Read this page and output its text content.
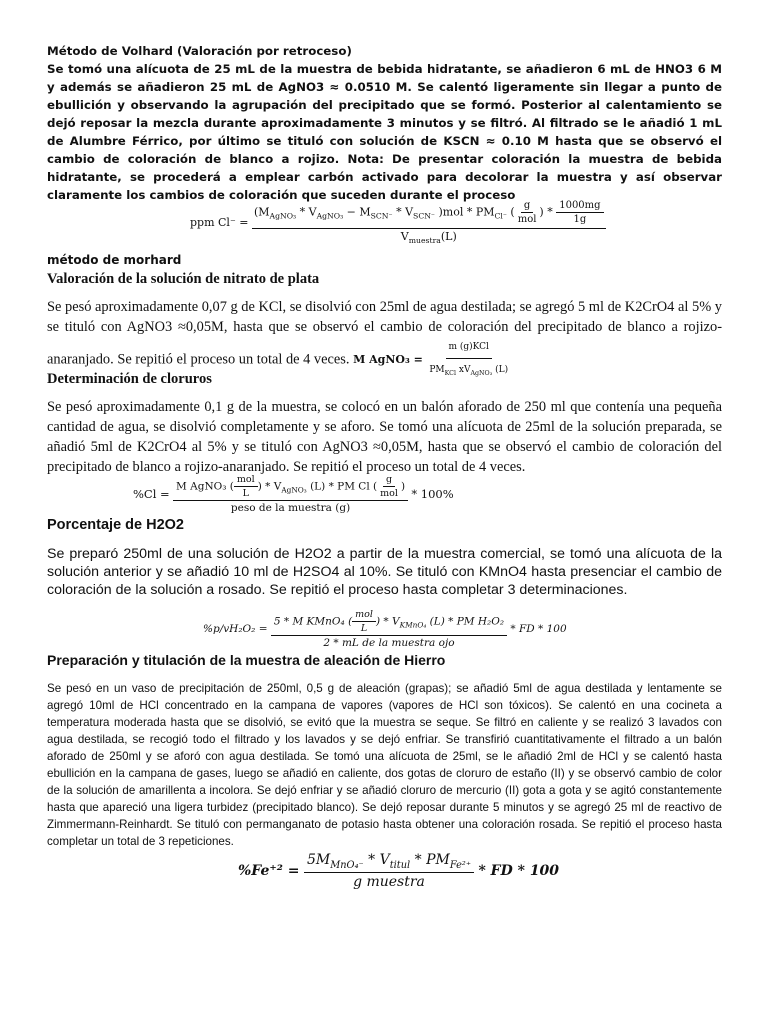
Método de Volhard (Valoración por retroceso)
Se tomó una alícuota de 25 mL de la muestra de bebida hidratante, se añadieron 6 mL de HNO3 6 M y además se añadieron 25 mL de AgNO3 ≈ 0.0510 M. Se calentó ligeramente sin llegar a punto de ebullición y observando la agrupación del precipitado que se formó. Posterior al calentamiento se dejó reposar la mezcla durante aproximadamente 3 minutos y se filtró. Al filtrado se le añadió 1 mL de Alumbre Férrico, por último se tituló con solución de KSCN ≈ 0.10 M hasta que se observó el cambio de coloración de blanco a rojizo. Nota: De presentar coloración la muestra de bebida hidratante, se procederá a emplear carbón activado para decolorar la muestra y así observar claramente los cambios de coloración que suceden durante el proceso
ppm Cl⁻ =
($M_{AgNO_3} * V_{AgNO_3} - M_{SCN^-} * V_{SCN^-}$ )$mol * PM_{Cl^-}$ ( $\frac{g}{\text{mol}}$ ) * $\frac{1000mg}{1g}$
$V_{muestra}(L)$
método de morhard
Valoración de la solución de nitrato de plata
Se pesó aproximadamente 0,07 g de KCl, se disolvió con 25ml de agua destilada; se agregó 5 ml de K2CrO4 al 5% y se tituló con AgNO3 ≈0,05M, hasta que se observó el cambio de coloración del precipitado de blanco a rojizo-anaranjado. Se repitió el proceso un total de 4 veces. M AgNO₃ = $\frac{\text{m (g)KCl}}{PM_{KCl} xV_{AgNO_3} (L)}$
Determinación de cloruros
Se pesó aproximadamente 0,1 g de la muestra, se colocó en un balón aforado de 250 ml que contenía una pequeña cantidad de agua, se disolvió completamente y se aforo. Se tomó una alícuota de 25ml de la solución preparada, se añadió 5ml de K2CrO4 al 5% y se tituló con AgNO3 ≈0,05M, hasta que se observó el cambio de coloración del precipitado de blanco a rojizo-anaranjado. Se repitió el proceso un total de 4 veces.
%Cl =
M AgNO₃ ( $\frac{\text{mol}}{L}$ ) * $V_{AgNO_3}$ (L) * PM Cl ( $\frac{g}{\text{mol}}$ )
peso de la muestra (g)
* 100%
Porcentaje de H2O2
Se preparó 250ml de una solución de H2O2 a partir de la muestra comercial, se tomó una alícuota de la solución anterior y se añadió 10 ml de H2SO4 al 10%. Se tituló con KMnO4 hasta presenciar el cambio de coloración de la solución a rosado. Se repitió el proceso hasta completar 3 determinaciones.
$\%p/vH_2O_2 = \frac{5 * M KMnO_4 ( \frac{\text{mol}}{L} ) * V_{KMnO_4} (L) * PM H_2O_2}{\text{2 * mL de la muestra ojo}}$ * FD * 100
Preparación y titulación de la muestra de aleación de Hierro
Se pesó en un vaso de precipitación de 250ml, 0,5 g de aleación (grapas); se añadió 5ml de agua destilada y lentamente se agregó 10ml de HCl concentrado en la campana de vapores (vapores de HCl son tóxicos). Se calentó en una cocineta a temperatura moderada hasta que se disolvió, se evitó que la muestra se seque. Se filtró en caliente y se realizó 3 lavados con agua destilada, se recogió todo el filtrado y los lavados y se dejó enfriar. Se transfirió cuantitativamente el filtrado a un balón aforado de 250ml y se aforó con agua destilada. Se tomó una alícuota de 25ml, se le añadió 2ml de HCl y se calentó hasta ebullición en la campana de gases, luego se añadió en caliente, dos gotas de cloruro de estaño (II) y se observó cambio de color de la solución de amarillenta a incolora. Se dejó enfriar y se añadió cloruro de mercurio (II) gota a gota y se agitó constantemente hasta que apareció una ligera turbidez (precipitado blanco). Se dejó reposar durante 5 minutos y se agregó 25 ml de reactivo de Zimmermann-Reinhardt. Se tituló con permanganato de potasio hasta obtener una coloración rosada. Se repitió el proceso hasta completar un total de 3 repeticiones.
$\%Fe^{+2} = \frac{5M_{MnO_4^-} * V_{titul} * PM_{Fe^{2+}}}{\text{g muestra}}$ * FD * 100
